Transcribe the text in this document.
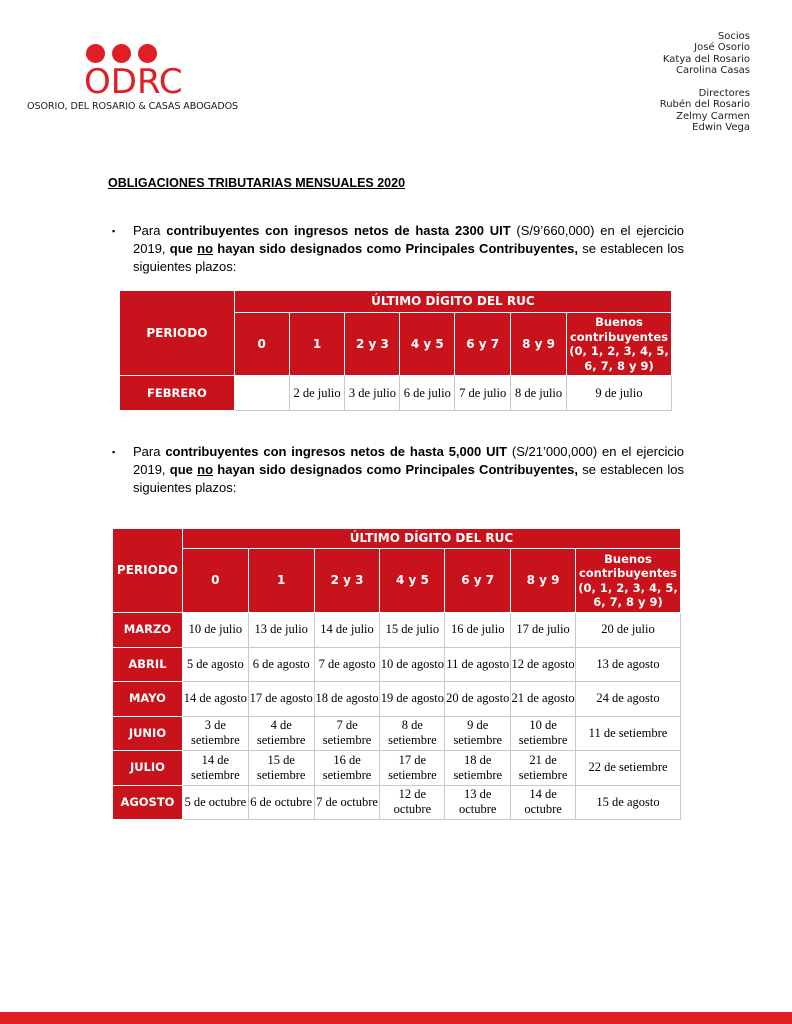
ODRC
OSORIO, DEL ROSARIO & CASAS ABOGADOS
Socios
José Osorio
Katya del Rosario
Carolina Casas
Directores
Rubén del Rosario
Zelmy Carmen
Edwin Vega
OBLIGACIONES TRIBUTARIAS MENSUALES 2020
▪ Para contribuyentes con ingresos netos de hasta 2300 UIT (S/9’660,000) en el ejercicio 2019, que no hayan sido designados como Principales Contribuyentes, se establecen los siguientes plazos:
PERIODO	ÚLTIMO DÍGITO DEL RUC						
	0	1	2 y 3	4 y 5	6 y 7	8 y 9	Buenos contribuyentes (0, 1, 2, 3, 4, 5, 6, 7, 8 y 9)
FEBRERO		2 de julio	3 de julio	6 de julio	7 de julio	8 de julio	9 de julio
▪ Para contribuyentes con ingresos netos de hasta 5,000 UIT (S/21’000,000) en el ejercicio 2019, que no hayan sido designados como Principales Contribuyentes, se establecen los siguientes plazos:
PERIODO	ÚLTIMO DÍGITO DEL RUC						
	0	1	2 y 3	4 y 5	6 y 7	8 y 9	Buenos contribuyentes (0, 1, 2, 3, 4, 5, 6, 7, 8 y 9)
MARZO	10 de julio	13 de julio	14 de julio	15 de julio	16 de julio	17 de julio	20 de julio
ABRIL	5 de agosto	6 de agosto	7 de agosto	10 de agosto	11 de agosto	12 de agosto	13 de agosto
MAYO	14 de agosto	17 de agosto	18 de agosto	19 de agosto	20 de agosto	21 de agosto	24 de agosto
JUNIO	3 de setiembre	4 de setiembre	7 de setiembre	8 de setiembre	9 de setiembre	10 de setiembre	11 de setiembre
JULIO	14 de setiembre	15 de setiembre	16 de setiembre	17 de setiembre	18 de setiembre	21 de setiembre	22 de setiembre
AGOSTO	5 de octubre	6 de octubre	7 de octubre	12 de octubre	13 de octubre	14 de octubre	15 de agosto
